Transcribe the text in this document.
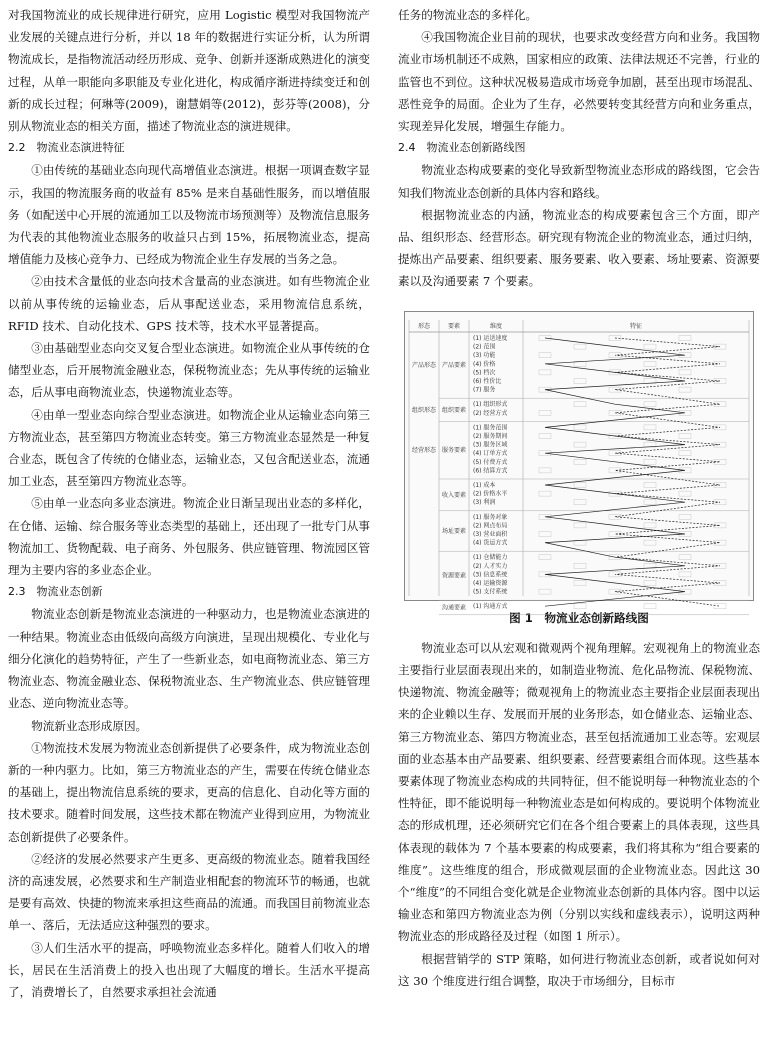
对我国物流业的成长规律进行研究，应用 Logistic 模型对我国物流产业发展的关键点进行分析，并以 18 年的数据进行实证分析，认为所谓物流成长，是指物流活动经历形成、竞争、创新并逐渐成熟进化的演变过程，从单一职能向多职能及专业化进化，构成循序渐进持续变迁和创新的成长过程；何琳等(2009)，谢慧娟等(2012)，彭芬等(2008)，分别从物流业态的相关方面，描述了物流业态的演进规律。

2.2　物流业态演进特征

①由传统的基础业态向现代高增值业态演进。根据一项调查数字显示，我国的物流服务商的收益有 85% 是来自基础性服务，而以增值服务（如配送中心开展的流通加工以及物流市场预测等）及物流信息服务为代表的其他物流业态服务的收益只占到 15%，拓展物流业态，提高增值能力及核心竞争力、已经成为物流企业生存发展的当务之急。

②由技术含量低的业态向技术含量高的业态演进。如有些物流企业以前从事传统的运输业态，后从事配送业态，采用物流信息系统，RFID 技术、自动化技术、GPS 技术等，技术水平显著提高。

③由基础型业态向交叉复合型业态演进。如物流企业从事传统的仓储型业态，后开展物流金融业态，保税物流业态；先从事传统的运输业态，后从事电商物流业态，快递物流业态等。

④由单一型业态向综合型业态演进。如物流企业从运输业态向第三方物流业态，甚至第四方物流业态转变。第三方物流业态显然是一种复合业态，既包含了传统的仓储业态，运输业态，又包含配送业态，流通加工业态，甚至第四方物流业态等。

⑤由单一业态向多业态演进。物流企业日渐呈现出业态的多样化，在仓储、运输、综合服务等业态类型的基础上，还出现了一批专门从事物流加工、货物配载、电子商务、外包服务、供应链管理、物流园区管理为主要内容的多业态企业。

2.3　物流业态创新

物流业态创新是物流业态演进的一种驱动力，也是物流业态演进的一种结果。物流业态由低级向高级方向演进，呈现出规模化、专业化与细分化演化的趋势特征，产生了一些新业态，如电商物流业态、第三方物流业态、物流金融业态、保税物流业态、生产物流业态、供应链管理业态、逆向物流业态等。

物流新业态形成原因。

①物流技术发展为物流业态创新提供了必要条件，成为物流业态创新的一种内驱力。比如，第三方物流业态的产生，需要在传统仓储业态的基础上，提出物流信息系统的要求，更高的信息化、自动化等方面的技术要求。随着时间发展，这些技术都在物流产业得到应用，为物流业态创新提供了必要条件。

②经济的发展必然要求产生更多、更高级的物流业态。随着我国经济的高速发展，必然要求和生产制造业相配套的物流环节的畅通，也就是要有高效、快捷的物流来承担这些商品的流通。而我国目前物流业态单一、落后，无法适应这种强烈的要求。

③人们生活水平的提高，呼唤物流业态多样化。随着人们收入的增长，居民在生活消费上的投入也出现了大幅度的增长。生活水平提高了，消费增长了，自然要求承担社会流通

任务的物流业态的多样化。

④我国物流企业目前的现状，也要求改变经营方向和业务。我国物流业市场机制还不成熟，国家相应的政策、法律法规还不完善，行业的监管也不到位。这种状况极易造成市场竞争加剧，甚至出现市场混乱、恶性竞争的局面。企业为了生存，必然要转变其经营方向和业务重点，实现差异化发展，增强生存能力。

2.4　物流业态创新路线图

物流业态构成要素的变化导致新型物流业态形成的路线图，它会告知我们物流业态创新的具体内容和路线。

根据物流业态的内涵，物流业态的构成要素包含三个方面，即产品、组织形态、经营形态。研究现有物流企业的物流业态，通过归纳，提炼出产品要素、组织要素、服务要素、收入要素、场址要素、资源要素以及沟通要素 7 个要素。

形态	要素	维度	特征
产品形态 产品要素
(1) 运送速度
(2) 范围
(3) 功能
(4) 价格
(5) 档次
(6) 性价比
(7) 服务
组织形态 组织要素
(1) 组织形式
(2) 经营方式
经营形态 服务要素
(1) 服务范围
(2) 服务期间
(3) 服务区域
(4) 订单方式
(5) 付费方式
(6) 结算方式
收入要素
(1) 成本
(2) 价格水平
(3) 利润
场址要素
(1) 服务对象
(2) 网点布局
(3) 营业面积
(4) 货运方式
资源要素
(1) 仓储能力
(2) 人才实力
(3) 信息系统
(4) 运输资源
(5) 支付系统
沟通要素 (1) 沟通方式
图 1　物流业态创新路线图

物流业态可以从宏观和微观两个视角理解。宏观视角上的物流业态主要指行业层面表现出来的，如制造业物流、危化品物流、保税物流、快递物流、物流金融等；微观视角上的物流业态主要指企业层面表现出来的企业赖以生存、发展而开展的业务形态，如仓储业态、运输业态、第三方物流业态、第四方物流业态，甚至包括流通加工业态等。宏观层面的业态基本由产品要素、组织要素、经营要素组合而体现。这些基本要素体现了物流业态构成的共同特征，但不能说明每一种物流业态的个性特征，即不能说明每一种物流业态是如何构成的。要说明个体物流业态的形成机理，还必须研究它们在各个组合要素上的具体表现，这些具体表现的载体为 7 个基本要素的构成要素，我们将其称为“组合要素的维度”。这些维度的组合，形成微观层面的企业物流业态。因此这 30 个“维度”的不同组合变化就是企业物流业态创新的具体内容。图中以运输业态和第四方物流业态为例（分别以实线和虚线表示），说明这两种物流业态的形成路径及过程（如图 1 所示）。

根据营销学的 STP 策略，如何进行物流业态创新，或者说如何对这 30 个维度进行组合调整，取决于市场细分，目标市
